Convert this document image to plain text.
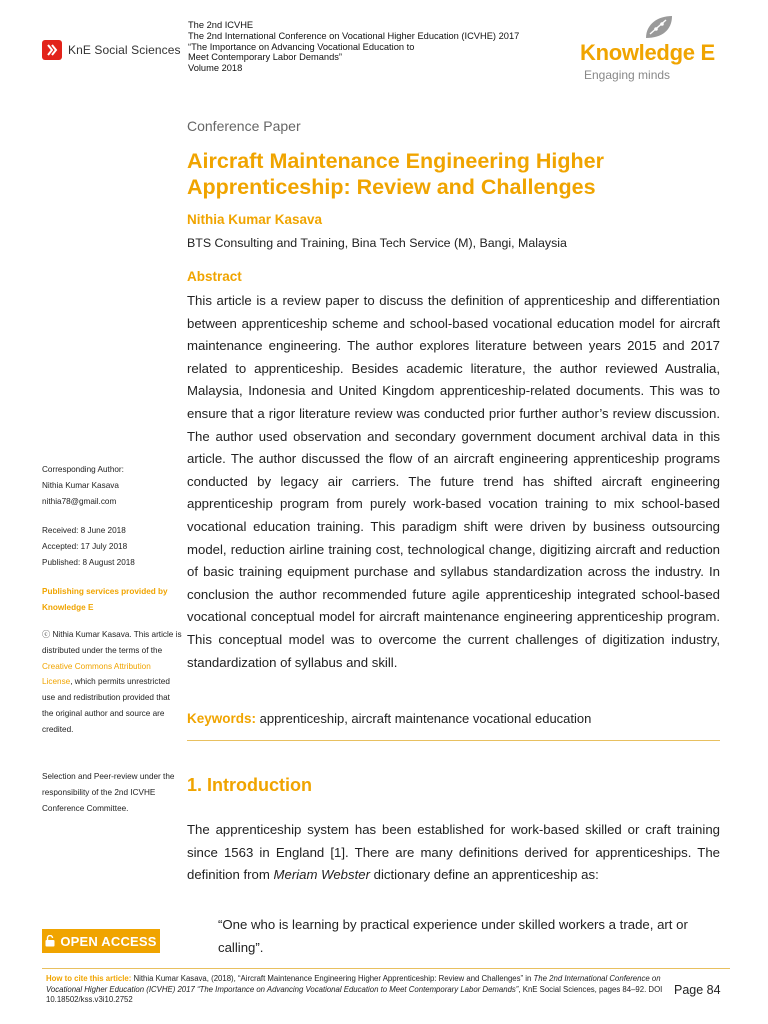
KnE Social Sciences
The 2nd ICVHE
The 2nd International Conference on Vocational Higher Education (ICVHE) 2017
“The Importance on Advancing Vocational Education to
Meet Contemporary Labor Demands”
Volume 2018
Knowledge E
Engaging minds
Conference Paper
Aircraft Maintenance Engineering Higher Apprenticeship: Review and Challenges
Nithia Kumar Kasava
BTS Consulting and Training, Bina Tech Service (M), Bangi, Malaysia
Abstract
This article is a review paper to discuss the definition of apprenticeship and differentiation between apprenticeship scheme and school-based vocational education model for aircraft maintenance engineering. The author explores literature between years 2015 and 2017 related to apprenticeship. Besides academic literature, the author reviewed Australia, Malaysia, Indonesia and United Kingdom apprenticeship-related documents. This was to ensure that a rigor literature review was conducted prior further author’s review discussion. The author used observation and secondary government document archival data in this article. The author discussed the flow of an aircraft engineering apprenticeship programs conducted by legacy air carriers. The future trend has shifted aircraft engineering apprenticeship program from purely work-based vocation training to mix school-based vocational education training. This paradigm shift were driven by business outsourcing model, reduction airline training cost, technological change, digitizing aircraft and reduction of basic training equipment purchase and syllabus standardization across the industry. In conclusion the author recommended future agile apprenticeship integrated school-based vocational conceptual model for aircraft maintenance engineering apprenticeship program. This conceptual model was to overcome the current challenges of digitization industry, standardization of syllabus and skill.
Keywords: apprenticeship, aircraft maintenance vocational education
1. Introduction
The apprenticeship system has been established for work-based skilled or craft training since 1563 in England [1]. There are many definitions derived for apprenticeships. The definition from Meriam Webster dictionary define an apprenticeship as:
“One who is learning by practical experience under skilled workers a trade, art or calling”.
Corresponding Author:
Nithia Kumar Kasava
nithia78@gmail.com
Received: 8 June 2018
Accepted: 17 July 2018
Published: 8 August 2018
Publishing services provided by Knowledge E
ⓒ Nithia Kumar Kasava. This article is distributed under the terms of the Creative Commons Attribution License, which permits unrestricted use and redistribution provided that the original author and source are credited.
Selection and Peer-review under the responsibility of the 2nd ICVHE Conference Committee.
OPEN ACCESS
How to cite this article: Nithia Kumar Kasava, (2018), “Aircraft Maintenance Engineering Higher Apprenticeship: Review and Challenges” in The 2nd International Conference on Vocational Higher Education (ICVHE) 2017 “The Importance on Advancing Vocational Education to Meet Contemporary Labor Demands”, KnE Social Sciences, pages 84–92. DOI 10.18502/kss.v3i10.2752
Page 84
